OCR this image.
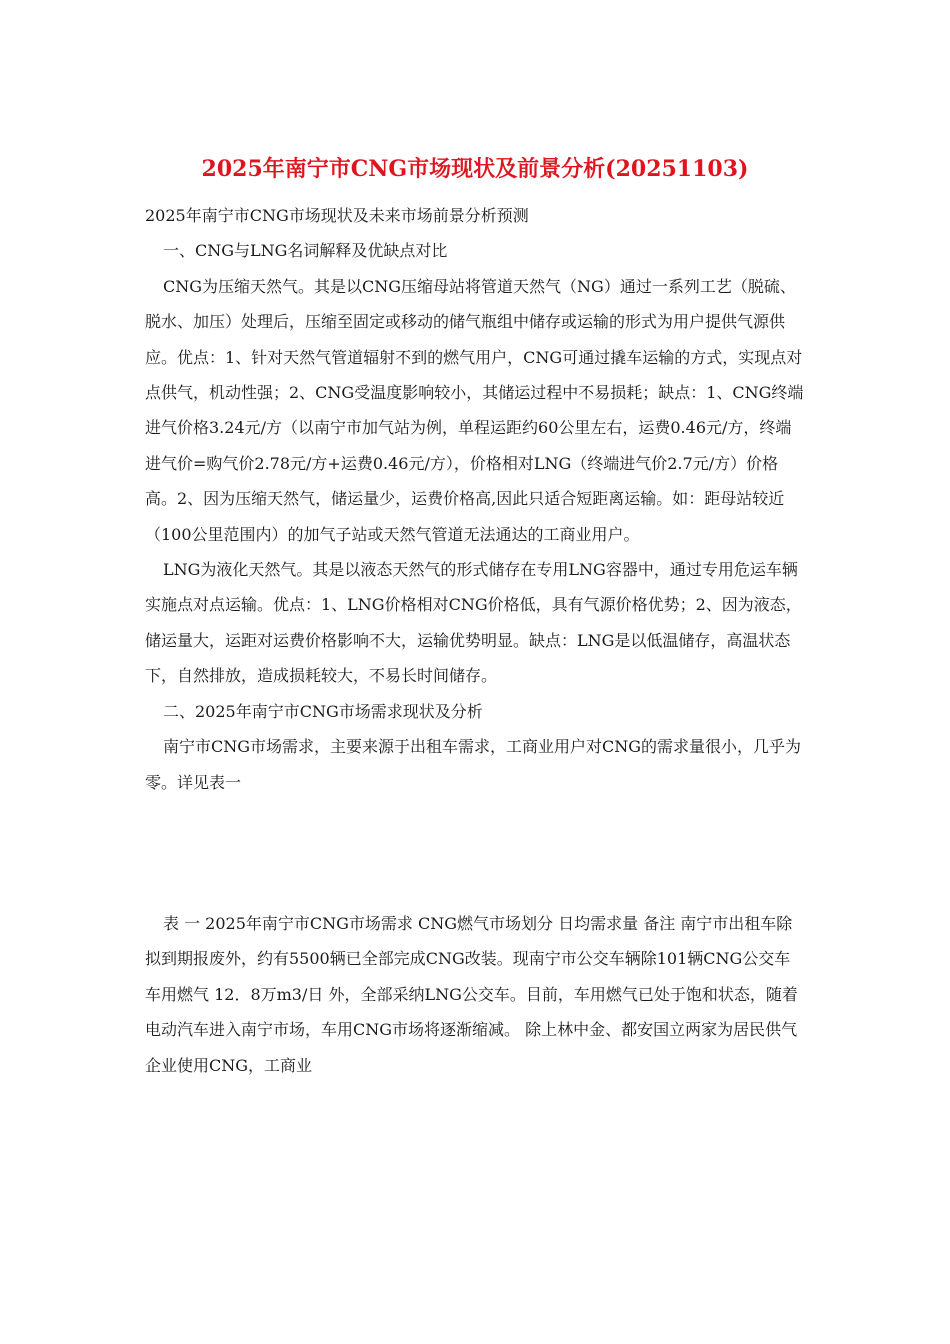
2025年南宁市CNG市场现状及前景分析(20251103)

2025年南宁市CNG市场现状及未来市场前景分析预测

一、CNG与LNG名词解释及优缺点对比

CNG为压缩天然气。其是以CNG压缩母站将管道天然气（NG）通过一系列工艺（脱硫、脱水、加压）处理后，压缩至固定或移动的储气瓶组中储存或运输的形式为用户提供气源供应。优点：1、针对天然气管道辐射不到的燃气用户，CNG可通过撬车运输的方式，实现点对点供气，机动性强；2、CNG受温度影响较小，其储运过程中不易损耗；缺点：1、CNG终端进气价格3.24元/方（以南宁市加气站为例，单程运距约60公里左右，运费0.46元/方，终端进气价=购气价2.78元/方+运费0.46元/方），价格相对LNG（终端进气价2.7元/方）价格高。2、因为压缩天然气，储运量少，运费价格高,因此只适合短距离运输。如：距母站较近（100公里范围内）的加气子站或天然气管道无法通达的工商业用户。

LNG为液化天然气。其是以液态天然气的形式储存在专用LNG容器中，通过专用危运车辆实施点对点运输。优点：1、LNG价格相对CNG价格低，具有气源价格优势；2、因为液态，储运量大，运距对运费价格影响不大，运输优势明显。缺点：LNG是以低温储存，高温状态下，自然排放，造成损耗较大，不易长时间储存。

二、2025年南宁市CNG市场需求现状及分析

南宁市CNG市场需求，主要来源于出租车需求，工商业用户对CNG的需求量很小，几乎为零。详见表一

表 一 2025年南宁市CNG市场需求 CNG燃气市场划分 日均需求量 备注 南宁市出租车除拟到期报废外，约有5500辆已全部完成CNG改装。现南宁市公交车辆除101辆CNG公交车车用燃气 12．8万m3/日 外，全部采纳LNG公交车。目前，车用燃气已处于饱和状态，随着电动汽车进入南宁市场，车用CNG市场将逐渐缩减。 除上林中金、都安国立两家为居民供气企业使用CNG，工商业
